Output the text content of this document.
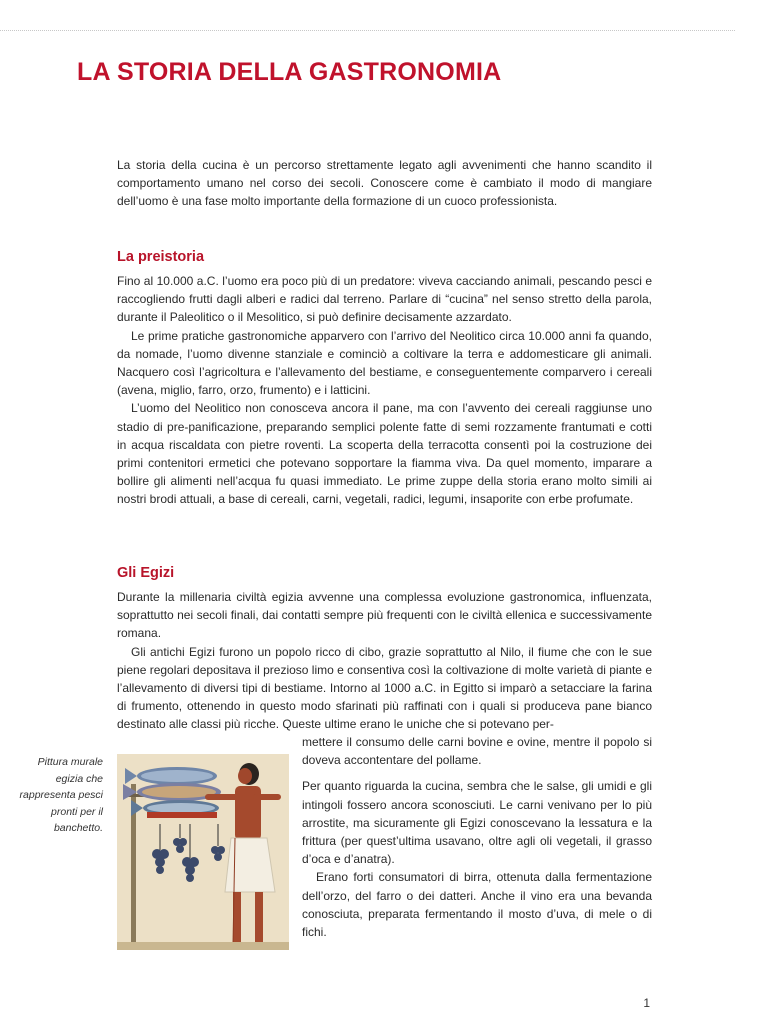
LA STORIA DELLA GASTRONOMIA

La storia della cucina è un percorso strettamente legato agli avvenimenti che hanno scandito il comportamento umano nel corso dei secoli. Conoscere come è cambiato il modo di mangiare dell’uomo è una fase molto importante della formazione di un cuoco professionista.

La preistoria

Fino al 10.000 a.C. l’uomo era poco più di un predatore: viveva cacciando animali, pescando pesci e raccogliendo frutti dagli alberi e radici dal terreno. Parlare di “cucina” nel senso stretto della parola, durante il Paleolitico o il Mesolitico, si può definire decisamente azzardato.

Le prime pratiche gastronomiche apparvero con l’arrivo del Neolitico circa 10.000 anni fa quando, da nomade, l’uomo divenne stanziale e cominciò a coltivare la terra e addomesticare gli animali. Nacquero così l’agricoltura e l’allevamento del bestiame, e conseguentemente comparvero i cereali (avena, miglio, farro, orzo, frumento) e i latticini.

L’uomo del Neolitico non conosceva ancora il pane, ma con l’avvento dei cereali raggiunse uno stadio di pre-panificazione, preparando semplici polente fatte di semi rozzamente frantumati e cotti in acqua riscaldata con pietre roventi. La scoperta della terracotta consentì poi la costruzione dei primi contenitori ermetici che potevano sopportare la fiamma viva. Da quel momento, imparare a bollire gli alimenti nell’acqua fu quasi immediato. Le prime zuppe della storia erano molto simili ai nostri brodi attuali, a base di cereali, carni, vegetali, radici, legumi, insaporite con erbe profumate.

Gli Egizi

Durante la millenaria civiltà egizia avvenne una complessa evoluzione gastronomica, influenzata, soprattutto nei secoli finali, dai contatti sempre più frequenti con le civiltà ellenica e successivamente romana.

Gli antichi Egizi furono un popolo ricco di cibo, grazie soprattutto al Nilo, il fiume che con le sue piene regolari depositava il prezioso limo e consentiva così la coltivazione di molte varietà di piante e l’allevamento di diversi tipi di bestiame. Intorno al 1000 a.C. in Egitto si imparò a setacciare la farina di frumento, ottenendo in questo modo sfarinati più raffinati con i quali si produceva pane bianco destinato alle classi più ricche. Queste ultime erano le uniche che si potevano per-

Pittura murale egizia che rappresenta pesci pronti per il banchetto.

mettere il consumo delle carni bovine e ovine, mentre il popolo si doveva accontentare del pollame.

Per quanto riguarda la cucina, sembra che le salse, gli umidi e gli intingoli fossero ancora sconosciuti. Le carni venivano per lo più arrostite, ma sicuramente gli Egizi conoscevano la lessatura e la frittura (per quest’ultima usavano, oltre agli oli vegetali, il grasso d’oca e d’anatra).

Erano forti consumatori di birra, ottenuta dalla fermentazione dell’orzo, del farro o dei datteri. Anche il vino era una bevanda conosciuta, preparata fermentando il mosto d’uva, di mele o di fichi.

1
